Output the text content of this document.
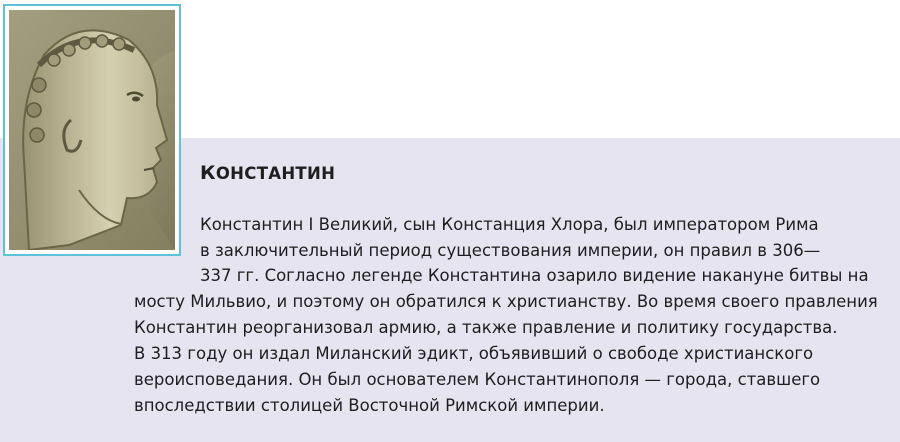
КОНСТАНТИН
Константин I Великий, сын Констанция Хлора, был императором Рима
в заключительный период существования империи, он правил в 306—
337 гг. Согласно легенде Константина озарило видение накануне битвы на
мосту Мильвио, и поэтому он обратился к христианству. Во время своего правления
Константин реорганизовал армию, а также правление и политику государства.
В 313 году он издал Миланский эдикт, объявивший о свободе христианского
вероисповедания. Он был основателем Константинополя — города, ставшего
впоследствии столицей Восточной Римской империи.
